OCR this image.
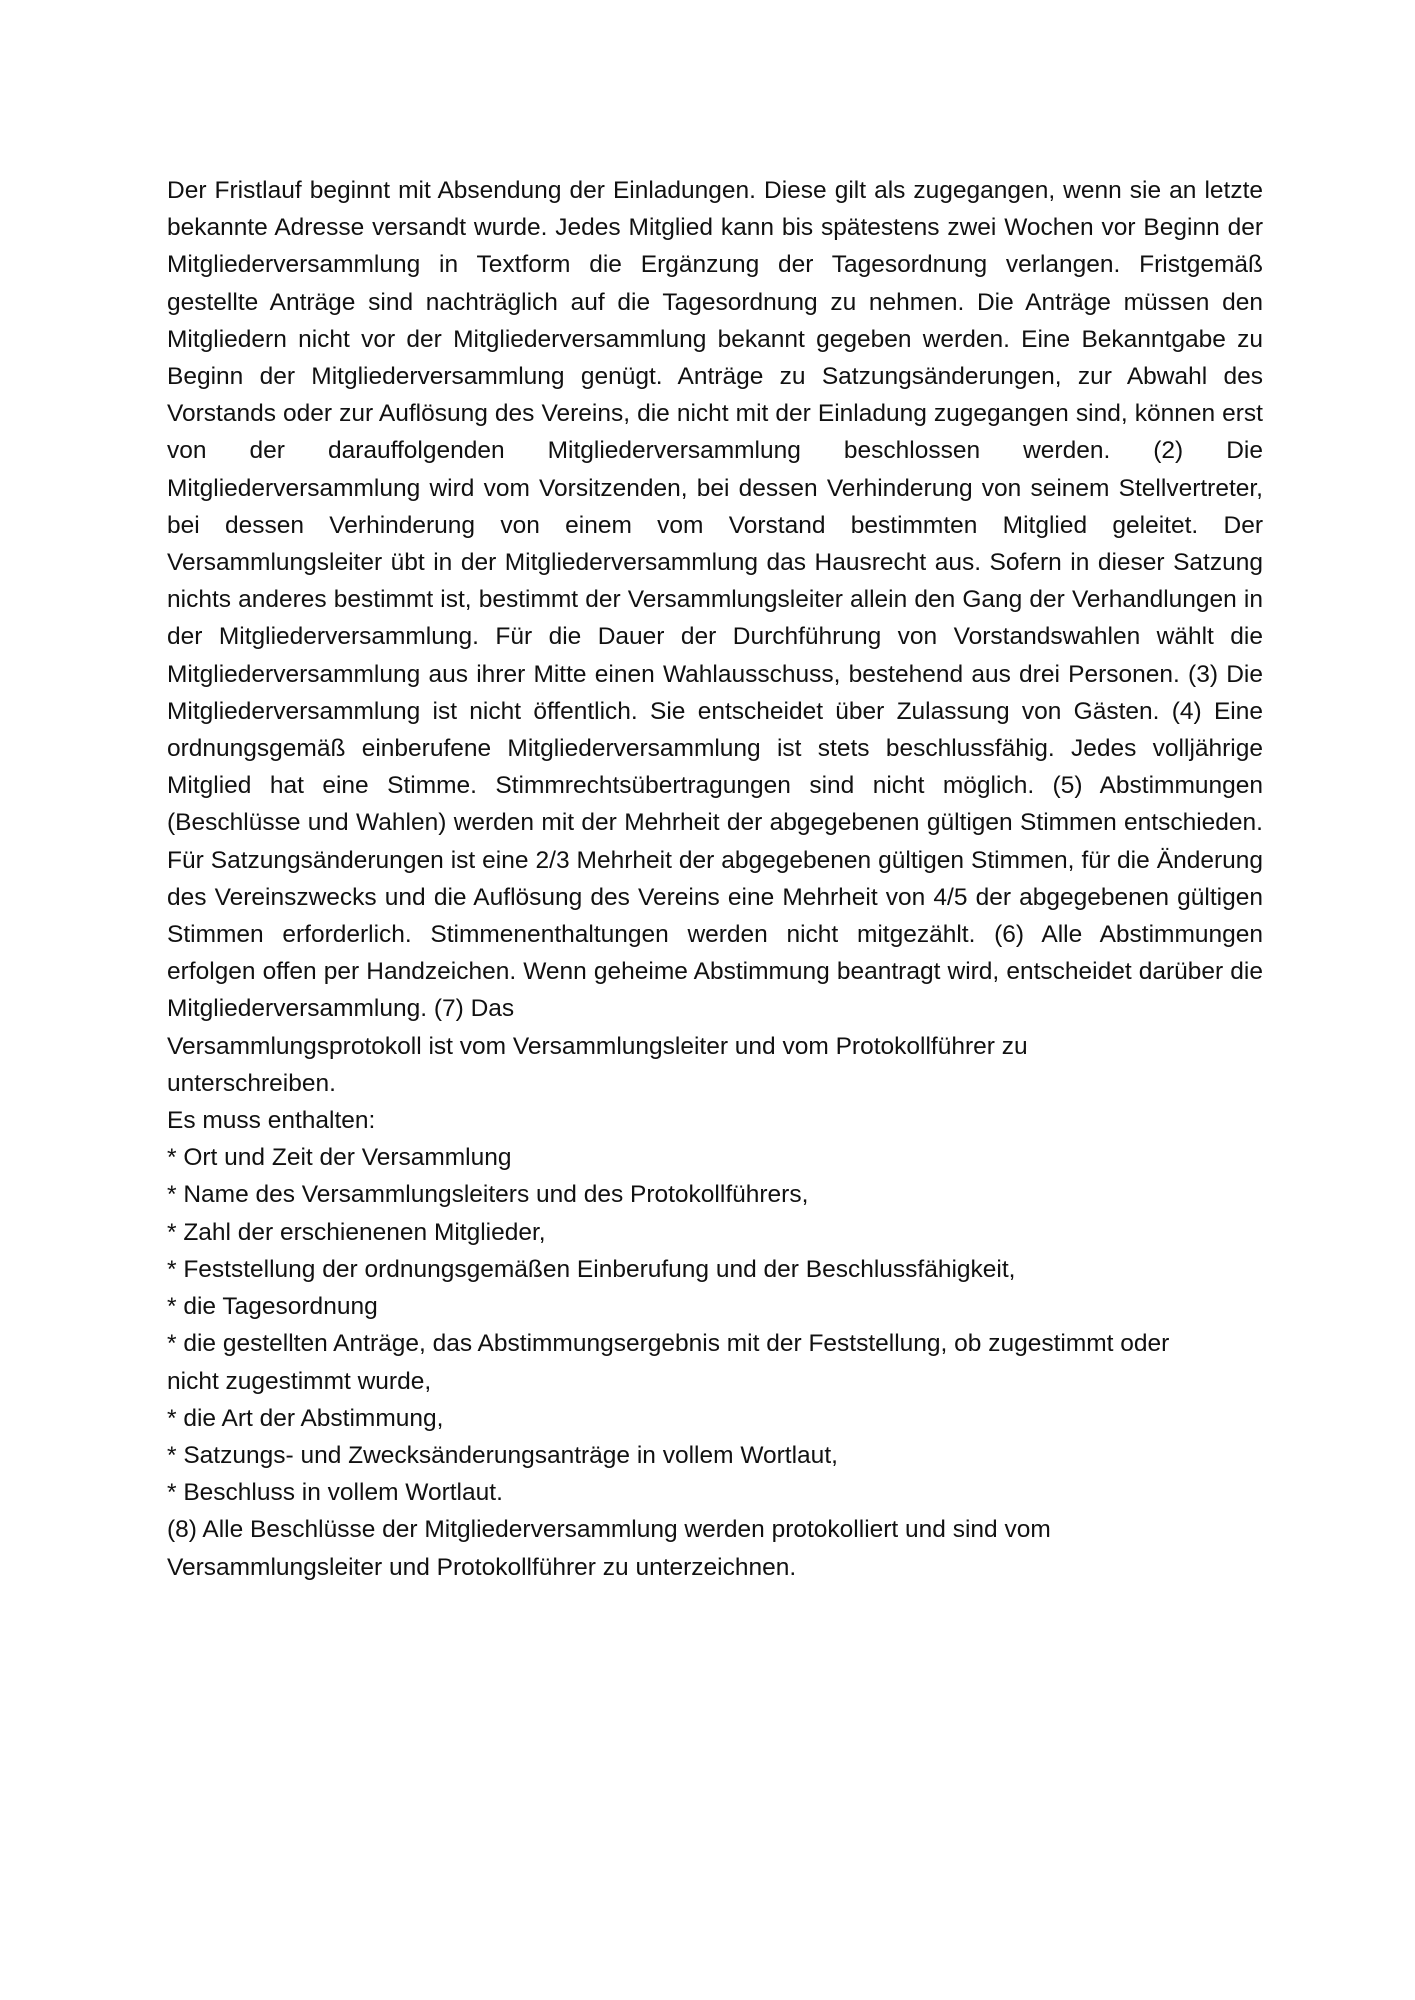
Der Fristlauf beginnt mit Absendung der Einladungen. Diese gilt als zugegangen, wenn sie an letzte bekannte Adresse versandt wurde. Jedes Mitglied kann bis spätestens zwei Wochen vor Beginn der Mitgliederversammlung in Textform die Ergänzung der Tagesordnung verlangen. Fristgemäß gestellte Anträge sind nachträglich auf die Tagesordnung zu nehmen. Die Anträge müssen den Mitgliedern nicht vor der Mitgliederversammlung bekannt gegeben werden. Eine Bekanntgabe zu Beginn der Mitgliederversammlung genügt. Anträge zu Satzungsänderungen, zur Abwahl des Vorstands oder zur Auflösung des Vereins, die nicht mit der Einladung zugegangen sind, können erst von der darauffolgenden Mitgliederversammlung beschlossen werden. (2) Die Mitgliederversammlung wird vom Vorsitzenden, bei dessen Verhinderung von seinem Stellvertreter, bei dessen Verhinderung von einem vom Vorstand bestimmten Mitglied geleitet. Der Versammlungsleiter übt in der Mitgliederversammlung das Hausrecht aus. Sofern in dieser Satzung nichts anderes bestimmt ist, bestimmt der Versammlungsleiter allein den Gang der Verhandlungen in der Mitgliederversammlung. Für die Dauer der Durchführung von Vorstandswahlen wählt die Mitgliederversammlung aus ihrer Mitte einen Wahlausschuss, bestehend aus drei Personen. (3) Die Mitgliederversammlung ist nicht öffentlich. Sie entscheidet über Zulassung von Gästen. (4) Eine ordnungsgemäß einberufene Mitgliederversammlung ist stets beschlussfähig. Jedes volljährige Mitglied hat eine Stimme. Stimmrechtsübertragungen sind nicht möglich. (5) Abstimmungen (Beschlüsse und Wahlen) werden mit der Mehrheit der abgegebenen gültigen Stimmen entschieden. Für Satzungsänderungen ist eine 2/3 Mehrheit der abgegebenen gültigen Stimmen, für die Änderung des Vereinszwecks und die Auflösung des Vereins eine Mehrheit von 4/5 der abgegebenen gültigen Stimmen erforderlich. Stimmenenthaltungen werden nicht mitgezählt. (6) Alle Abstimmungen erfolgen offen per Handzeichen. Wenn geheime Abstimmung beantragt wird, entscheidet darüber die Mitgliederversammlung. (7) Das

Versammlungsprotokoll ist vom Versammlungsleiter und vom Protokollführer zu

unterschreiben.

Es muss enthalten:

* Ort und Zeit der Versammlung
* Name des Versammlungsleiters und des Protokollführers,
* Zahl der erschienenen Mitglieder,
* Feststellung der ordnungsgemäßen Einberufung und der Beschlussfähigkeit,
* die Tagesordnung
* die gestellten Anträge, das Abstimmungsergebnis mit der Feststellung, ob zugestimmt oder
nicht zugestimmt wurde,
* die Art der Abstimmung,
* Satzungs- und Zwecksänderungsanträge in vollem Wortlaut,
* Beschluss in vollem Wortlaut.

(8) Alle Beschlüsse der Mitgliederversammlung werden protokolliert und sind vom

Versammlungsleiter und Protokollführer zu unterzeichnen.
